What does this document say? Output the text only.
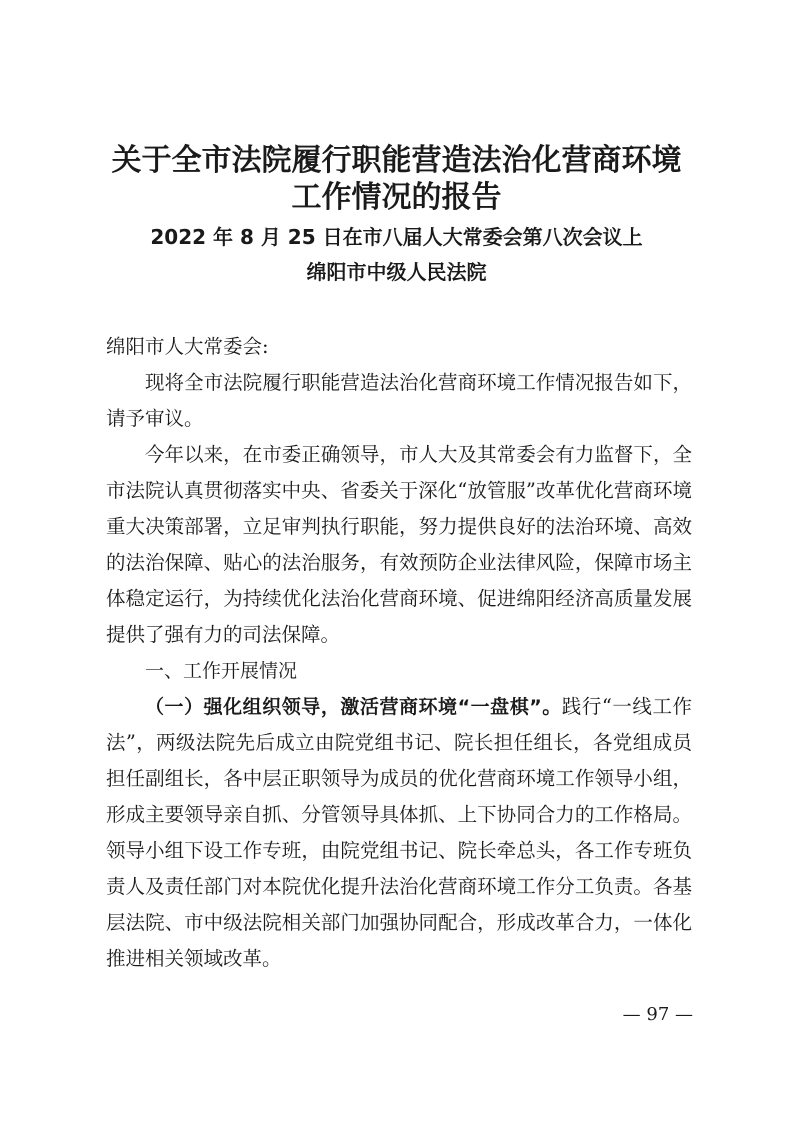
关于全市法院履行职能营造法治化营商环境
工作情况的报告
2022 年 8 月 25 日在市八届人大常委会第八次会议上
绵阳市中级人民法院

绵阳市人大常委会:

现将全市法院履行职能营造法治化营商环境工作情况报告如下，请予审议。

今年以来，在市委正确领导，市人大及其常委会有力监督下，全市法院认真贯彻落实中央、省委关于深化“放管服”改革优化营商环境重大决策部署，立足审判执行职能，努力提供良好的法治环境、高效的法治保障、贴心的法治服务，有效预防企业法律风险，保障市场主体稳定运行，为持续优化法治化营商环境、促进绵阳经济高质量发展提供了强有力的司法保障。

一、工作开展情况

（一）强化组织领导，激活营商环境“一盘棋”。践行“一线工作法”，两级法院先后成立由院党组书记、院长担任组长，各党组成员担任副组长，各中层正职领导为成员的优化营商环境工作领导小组，形成主要领导亲自抓、分管领导具体抓、上下协同合力的工作格局。领导小组下设工作专班，由院党组书记、院长牵总头，各工作专班负责人及责任部门对本院优化提升法治化营商环境工作分工负责。各基层法院、市中级法院相关部门加强协同配合，形成改革合力，一体化推进相关领域改革。

— 97 —
